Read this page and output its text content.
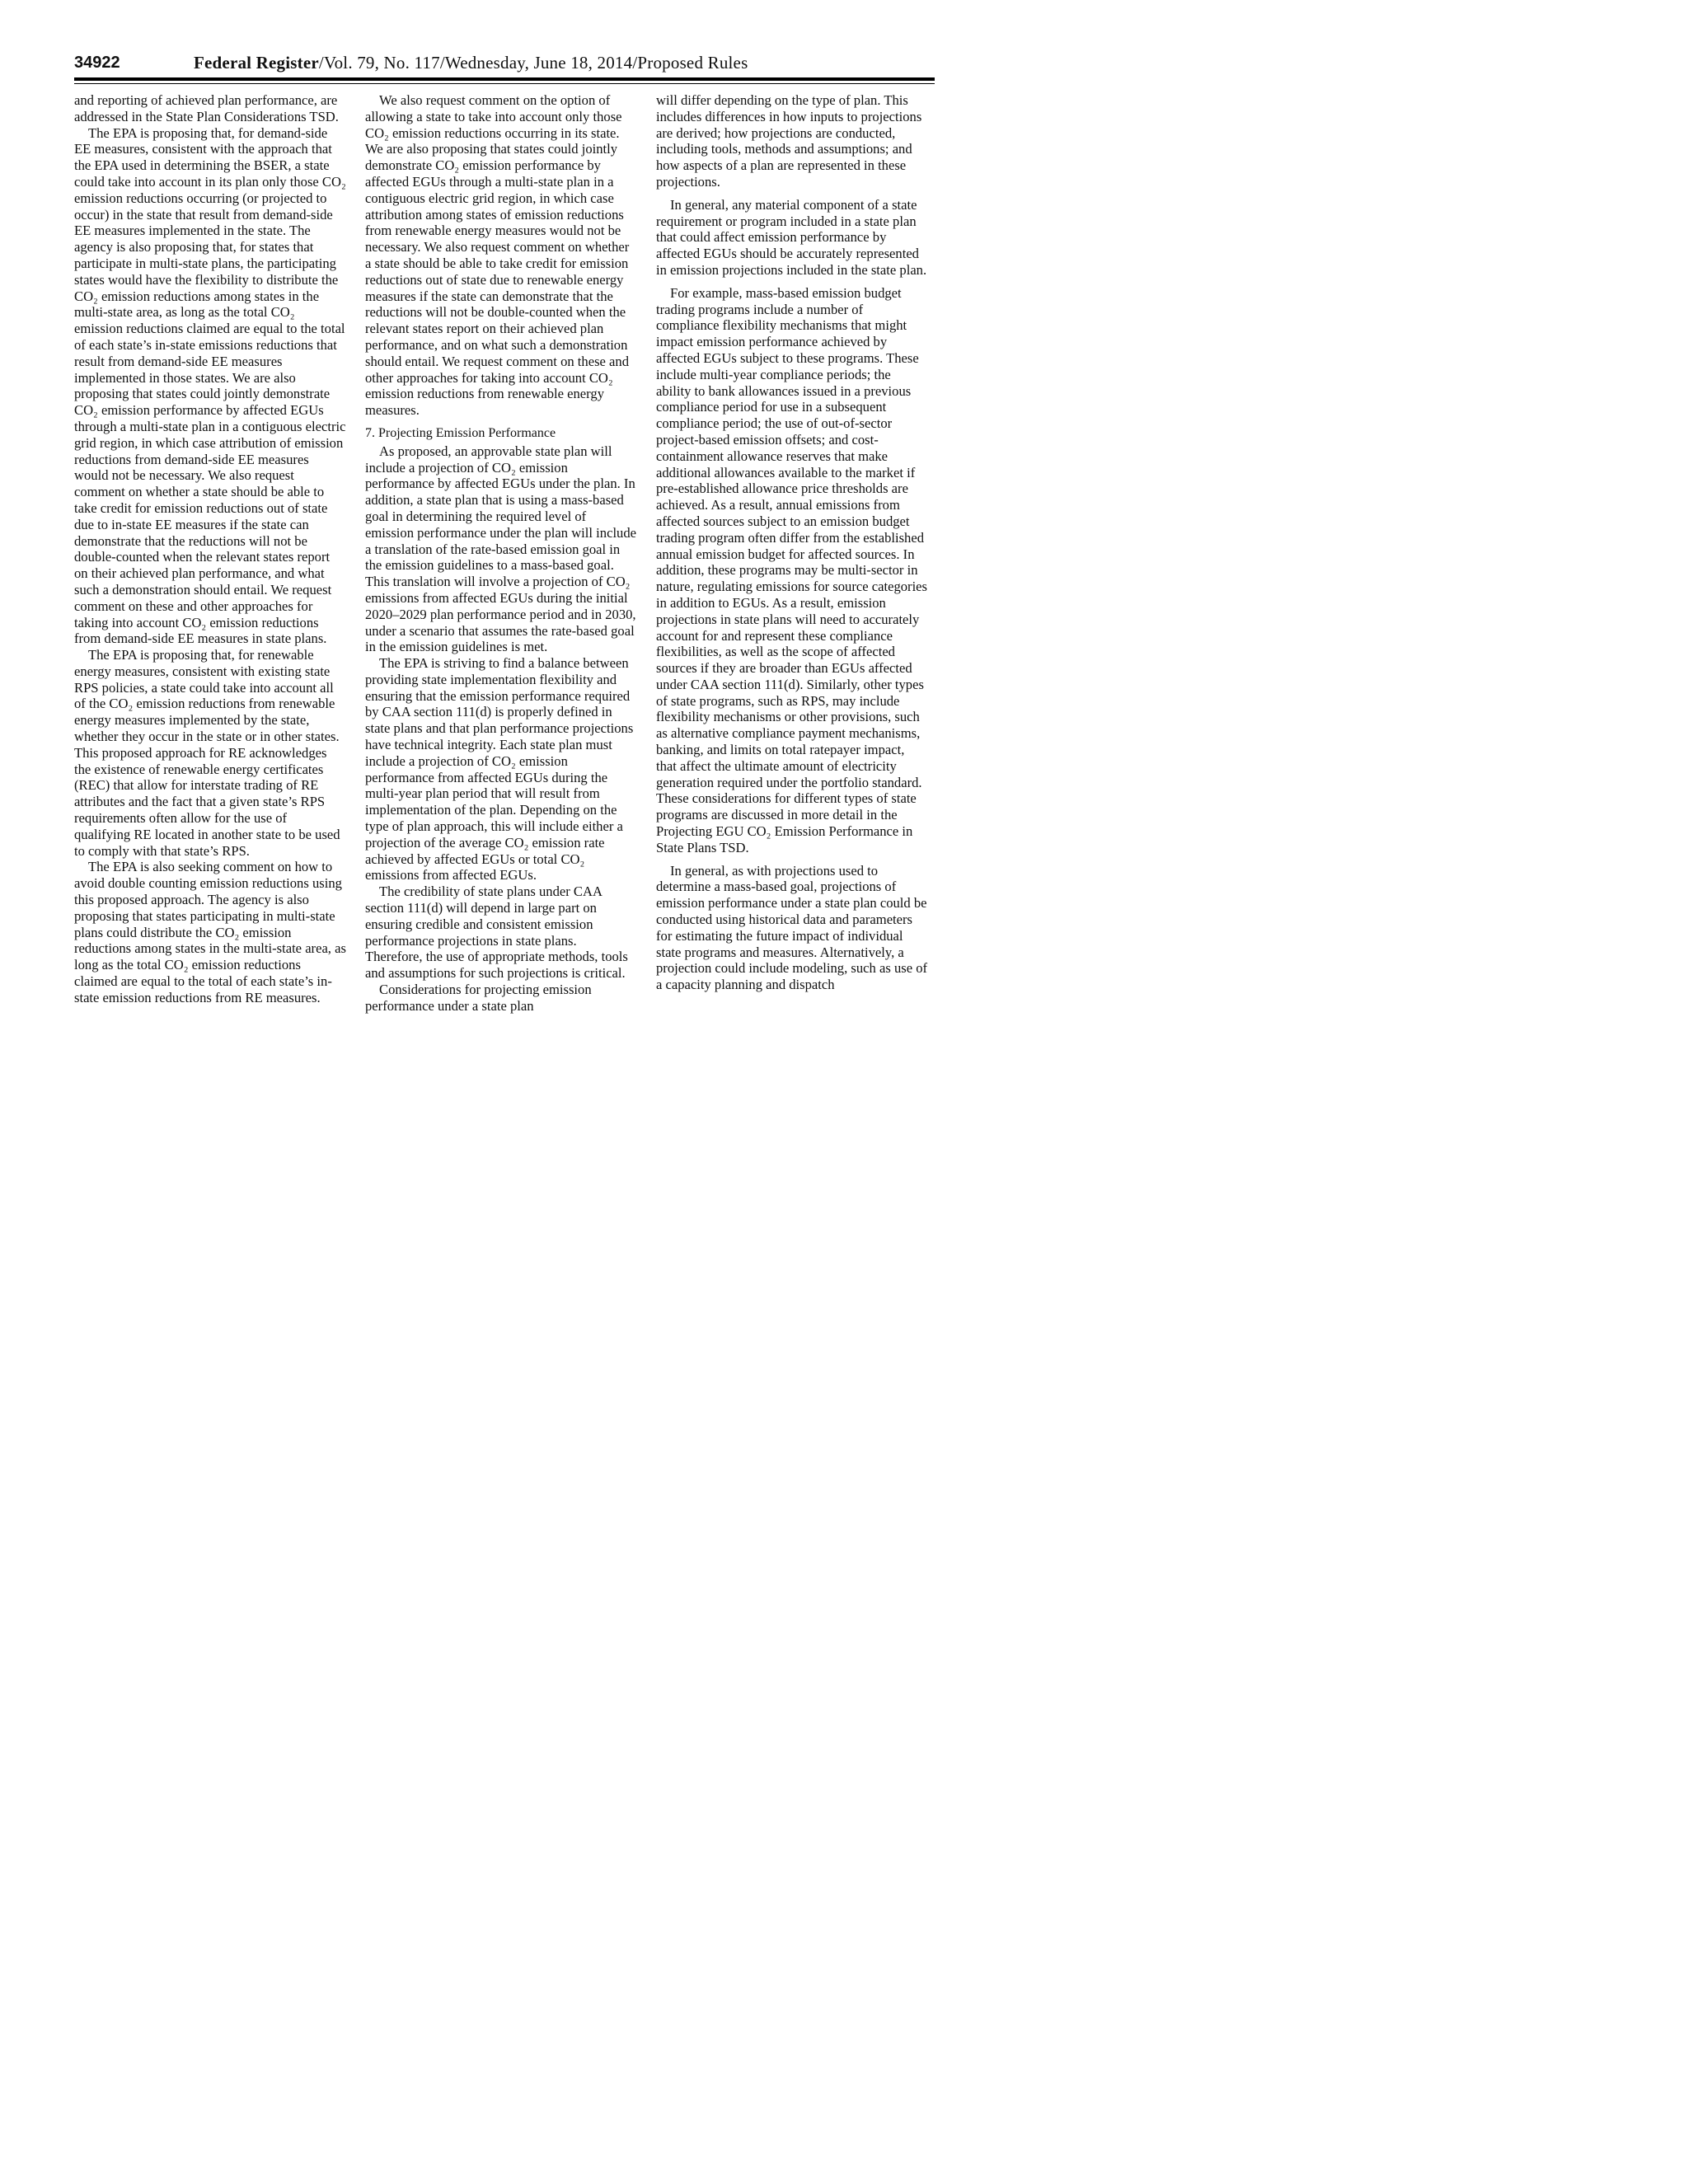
34922	Federal Register/Vol. 79, No. 117/Wednesday, June 18, 2014/Proposed Rules

and reporting of achieved plan performance, are addressed in the State Plan Considerations TSD.

The EPA is proposing that, for demand-side EE measures, consistent with the approach that the EPA used in determining the BSER, a state could take into account in its plan only those CO₂ emission reductions occurring (or projected to occur) in the state that result from demand-side EE measures implemented in the state. The agency is also proposing that, for states that participate in multi-state plans, the participating states would have the flexibility to distribute the CO₂ emission reductions among states in the multi-state area, as long as the total CO₂ emission reductions claimed are equal to the total of each state’s in-state emissions reductions that result from demand-side EE measures implemented in those states. We are also proposing that states could jointly demonstrate CO₂ emission performance by affected EGUs through a multi-state plan in a contiguous electric grid region, in which case attribution of emission reductions from demand-side EE measures would not be necessary. We also request comment on whether a state should be able to take credit for emission reductions out of state due to in-state EE measures if the state can demonstrate that the reductions will not be double-counted when the relevant states report on their achieved plan performance, and what such a demonstration should entail. We request comment on these and other approaches for taking into account CO₂ emission reductions from demand-side EE measures in state plans.

The EPA is proposing that, for renewable energy measures, consistent with existing state RPS policies, a state could take into account all of the CO₂ emission reductions from renewable energy measures implemented by the state, whether they occur in the state or in other states. This proposed approach for RE acknowledges the existence of renewable energy certificates (REC) that allow for interstate trading of RE attributes and the fact that a given state’s RPS requirements often allow for the use of qualifying RE located in another state to be used to comply with that state’s RPS.

The EPA is also seeking comment on how to avoid double counting emission reductions using this proposed approach. The agency is also proposing that states participating in multi-state plans could distribute the CO₂ emission reductions among states in the multi-state area, as long as the total CO₂ emission reductions claimed are equal to the total of each state’s in-state emission reductions from RE measures.

We also request comment on the option of allowing a state to take into account only those CO₂ emission reductions occurring in its state. We are also proposing that states could jointly demonstrate CO₂ emission performance by affected EGUs through a multi-state plan in a contiguous electric grid region, in which case attribution among states of emission reductions from renewable energy measures would not be necessary. We also request comment on whether a state should be able to take credit for emission reductions out of state due to renewable energy measures if the state can demonstrate that the reductions will not be double-counted when the relevant states report on their achieved plan performance, and on what such a demonstration should entail. We request comment on these and other approaches for taking into account CO₂ emission reductions from renewable energy measures.

7. Projecting Emission Performance

As proposed, an approvable state plan will include a projection of CO₂ emission performance by affected EGUs under the plan. In addition, a state plan that is using a mass-based goal in determining the required level of emission performance under the plan will include a translation of the rate-based emission goal in the emission guidelines to a mass-based goal. This translation will involve a projection of CO₂ emissions from affected EGUs during the initial 2020–2029 plan performance period and in 2030, under a scenario that assumes the rate-based goal in the emission guidelines is met.

The EPA is striving to find a balance between providing state implementation flexibility and ensuring that the emission performance required by CAA section 111(d) is properly defined in state plans and that plan performance projections have technical integrity. Each state plan must include a projection of CO₂ emission performance from affected EGUs during the multi-year plan period that will result from implementation of the plan. Depending on the type of plan approach, this will include either a projection of the average CO₂ emission rate achieved by affected EGUs or total CO₂ emissions from affected EGUs.

The credibility of state plans under CAA section 111(d) will depend in large part on ensuring credible and consistent emission performance projections in state plans. Therefore, the use of appropriate methods, tools and assumptions for such projections is critical.

Considerations for projecting emission performance under a state plan

will differ depending on the type of plan. This includes differences in how inputs to projections are derived; how projections are conducted, including tools, methods and assumptions; and how aspects of a plan are represented in these projections.

In general, any material component of a state requirement or program included in a state plan that could affect emission performance by affected EGUs should be accurately represented in emission projections included in the state plan.

For example, mass-based emission budget trading programs include a number of compliance flexibility mechanisms that might impact emission performance achieved by affected EGUs subject to these programs. These include multi-year compliance periods; the ability to bank allowances issued in a previous compliance period for use in a subsequent compliance period; the use of out-of-sector project-based emission offsets; and cost-containment allowance reserves that make additional allowances available to the market if pre-established allowance price thresholds are achieved. As a result, annual emissions from affected sources subject to an emission budget trading program often differ from the established annual emission budget for affected sources. In addition, these programs may be multi-sector in nature, regulating emissions for source categories in addition to EGUs. As a result, emission projections in state plans will need to accurately account for and represent these compliance flexibilities, as well as the scope of affected sources if they are broader than EGUs affected under CAA section 111(d). Similarly, other types of state programs, such as RPS, may include flexibility mechanisms or other provisions, such as alternative compliance payment mechanisms, banking, and limits on total ratepayer impact, that affect the ultimate amount of electricity generation required under the portfolio standard. These considerations for different types of state programs are discussed in more detail in the Projecting EGU CO₂ Emission Performance in State Plans TSD.

In general, as with projections used to determine a mass-based goal, projections of emission performance under a state plan could be conducted using historical data and parameters for estimating the future impact of individual state programs and measures. Alternatively, a projection could include modeling, such as use of a capacity planning and dispatch
